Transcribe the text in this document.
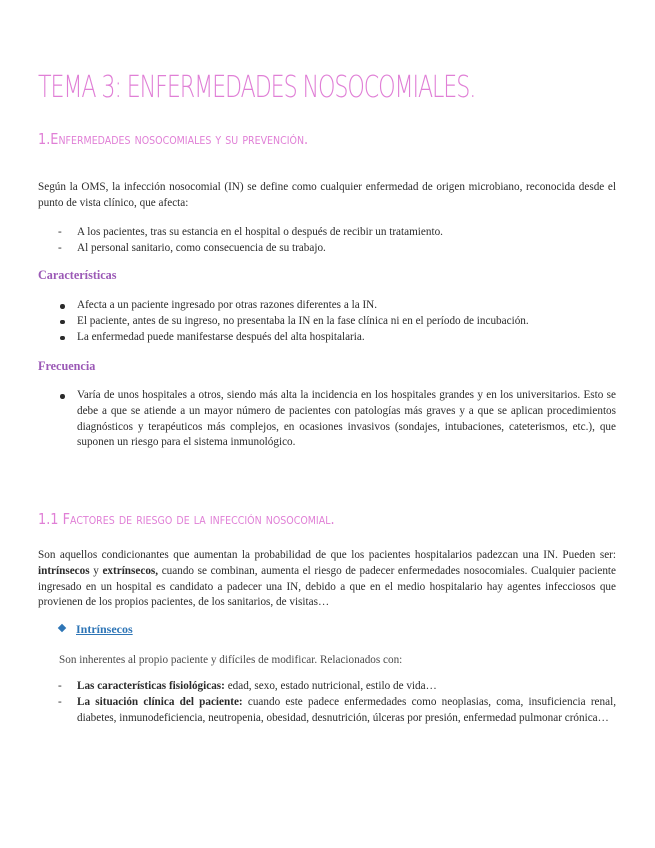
TEMA 3: ENFERMEDADES NOSOCOMIALES.
1.Enfermedades nosocomiales y su prevención.

Según la OMS, la infección nosocomial (IN) se define como cualquier enfermedad de origen microbiano, reconocida desde el punto de vista clínico, que afecta:

- A los pacientes, tras su estancia en el hospital o después de recibir un tratamiento.
- Al personal sanitario, como consecuencia de su trabajo.
Características
Afecta a un paciente ingresado por otras razones diferentes a la IN.
El paciente, antes de su ingreso, no presentaba la IN en la fase clínica ni en el período de incubación.
La enfermedad puede manifestarse después del alta hospitalaria.
Frecuencia
Varía de unos hospitales a otros, siendo más alta la incidencia en los hospitales grandes y en los universitarios. Esto se debe a que se atiende a un mayor número de pacientes con patologías más graves y a que se aplican procedimientos diagnósticos y terapéuticos más complejos, en ocasiones invasivos (sondajes, intubaciones, cateterismos, etc.), que suponen un riesgo para el sistema inmunológico.
1.1 Factores de riesgo de la infección nosocomial.

Son aquellos condicionantes que aumentan la probabilidad de que los pacientes hospitalarios padezcan una IN. Pueden ser: intrínsecos y extrínsecos, cuando se combinan, aumenta el riesgo de padecer enfermedades nosocomiales. Cualquier paciente ingresado en un hospital es candidato a padecer una IN, debido a que en el medio hospitalario hay agentes infecciosos que provienen de los propios pacientes, de los sanitarios, de visitas…

Intrínsecos

Son inherentes al propio paciente y difíciles de modificar. Relacionados con:

- Las características fisiológicas: edad, sexo, estado nutricional, estilo de vida…
- La situación clínica del paciente: cuando este padece enfermedades como neoplasias, coma, insuficiencia renal, diabetes, inmunodeficiencia, neutropenia, obesidad, desnutrición, úlceras por presión, enfermedad pulmonar crónica…
